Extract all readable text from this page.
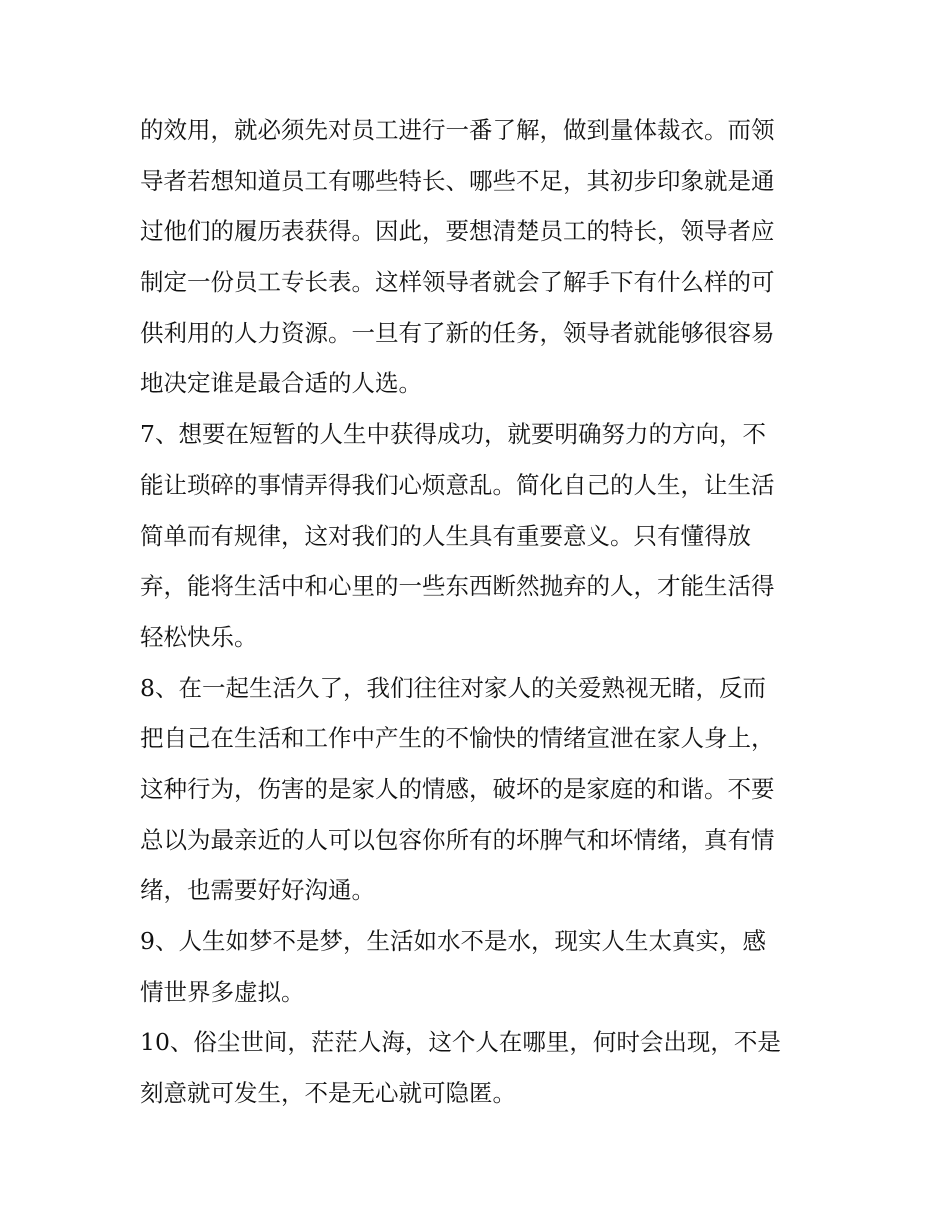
的效用，就必须先对员工进行一番了解，做到量体裁衣。而领
导者若想知道员工有哪些特长、哪些不足，其初步印象就是通
过他们的履历表获得。因此，要想清楚员工的特长，领导者应
制定一份员工专长表。这样领导者就会了解手下有什么样的可
供利用的人力资源。一旦有了新的任务，领导者就能够很容易
地决定谁是最合适的人选。
7、想要在短暂的人生中获得成功，就要明确努力的方向，不
能让琐碎的事情弄得我们心烦意乱。简化自己的人生，让生活
简单而有规律，这对我们的人生具有重要意义。只有懂得放
弃，能将生活中和心里的一些东西断然抛弃的人，才能生活得
轻松快乐。
8、在一起生活久了，我们往往对家人的关爱熟视无睹，反而
把自己在生活和工作中产生的不愉快的情绪宣泄在家人身上，
这种行为，伤害的是家人的情感，破坏的是家庭的和谐。不要
总以为最亲近的人可以包容你所有的坏脾气和坏情绪，真有情
绪，也需要好好沟通。
9、人生如梦不是梦，生活如水不是水，现实人生太真实，感
情世界多虚拟。
10、俗尘世间，茫茫人海，这个人在哪里，何时会出现，不是
刻意就可发生，不是无心就可隐匿。
